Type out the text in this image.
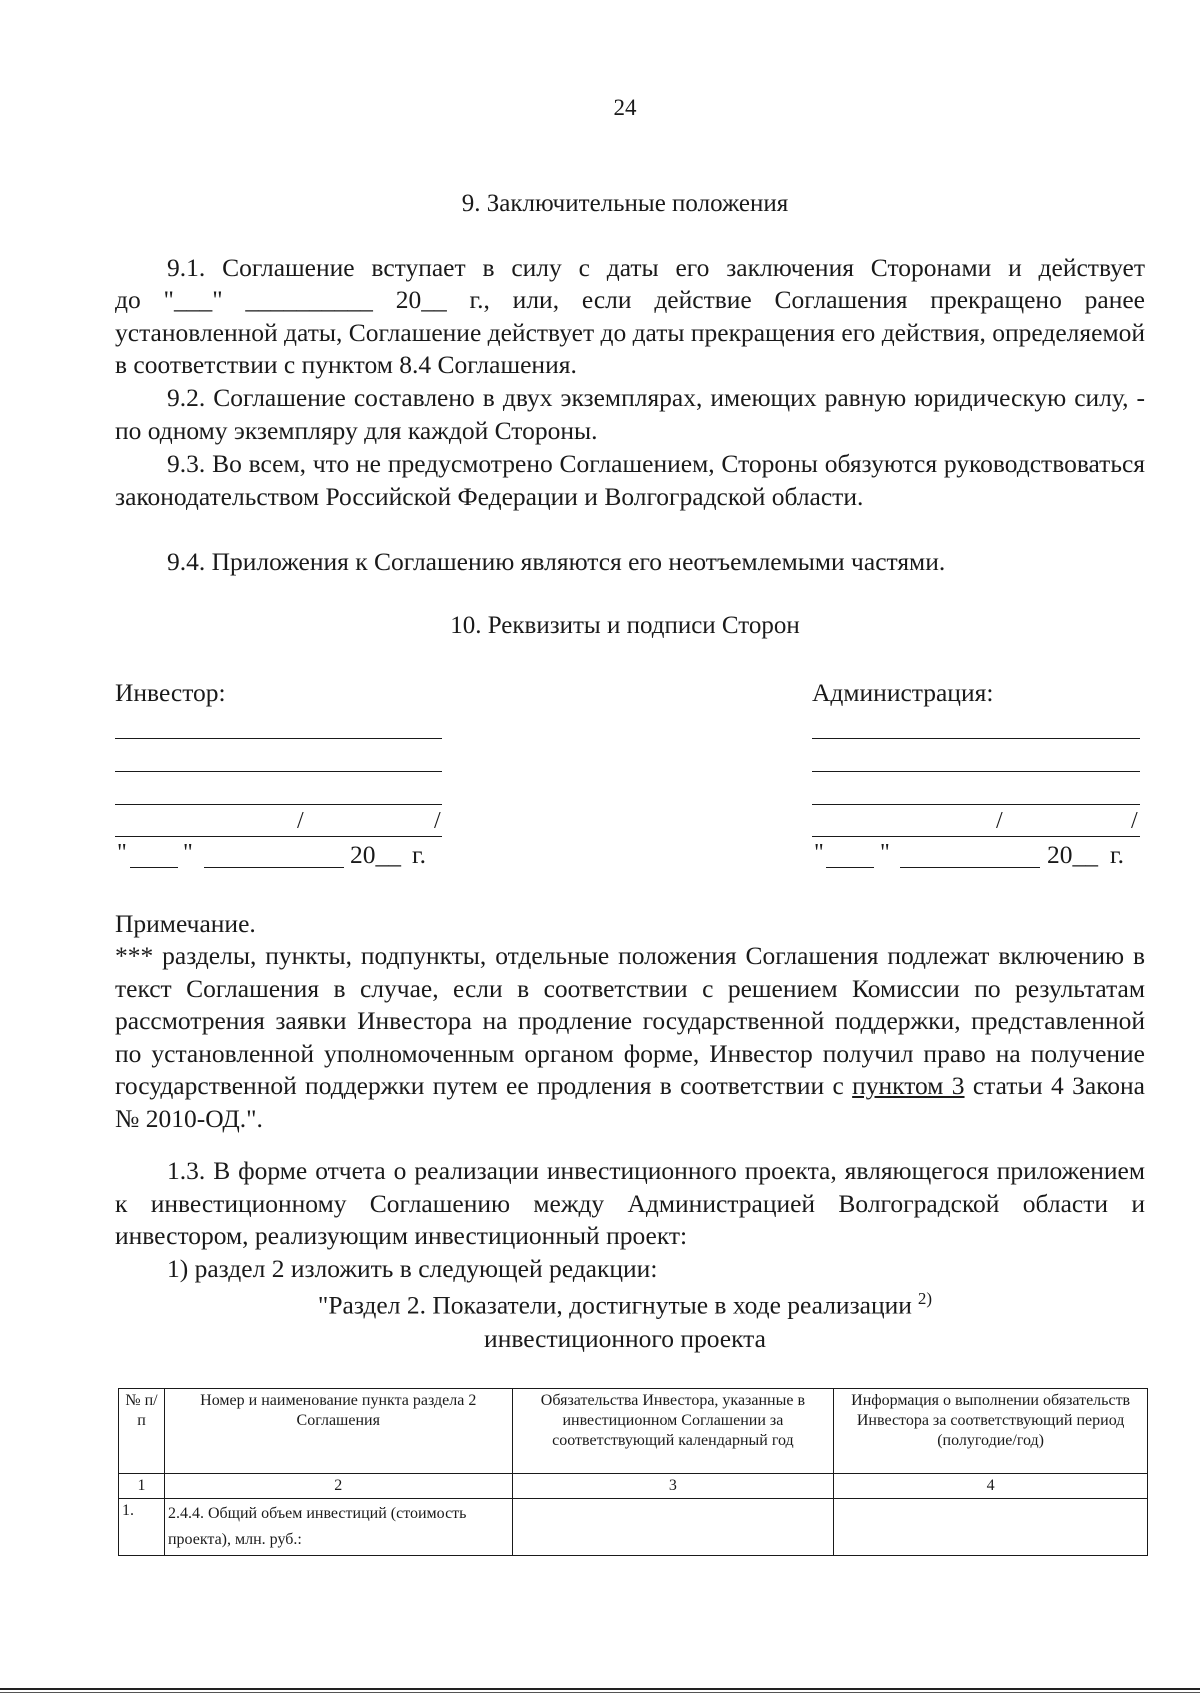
24
9. Заключительные положения
9.1. Соглашение вступает в силу с даты его заключения Сторонами и действует
до "___" __________ 20__ г., или, если действие Соглашения прекращено ранее установленной даты, Соглашение действует до даты прекращения его действия, определяемой в соответствии с пунктом 8.4 Соглашения.
9.2. Соглашение составлено в двух экземплярах, имеющих равную юридическую силу, - по одному экземпляру для каждой Стороны.
9.3. Во всем, что не предусмотрено Соглашением, Стороны обязуются руководствоваться законодательством Российской Федерации и Волгоградской области.
9.4. Приложения к Соглашению являются его неотъемлемыми частями.
10. Реквизиты и подписи Сторон
Инвестор:
/	/
" "	20__ г.
Администрация:
/	/
" "	20__ г.
Примечание.
*** разделы, пункты, подпункты, отдельные положения Соглашения подлежат включению в текст Соглашения в случае, если в соответствии с решением Комиссии по результатам рассмотрения заявки Инвестора на продление государственной поддержки, представленной по установленной уполномоченным органом форме, Инвестор получил право на получение государственной поддержки путем ее продления в соответствии с пунктом 3 статьи 4 Закона № 2010-ОД.".
1.3. В форме отчета о реализации инвестиционного проекта, являющегося приложением к инвестиционному Соглашению между Администрацией Волгоградской области и инвестором, реализующим инвестиционный проект:
1) раздел 2 изложить в следующей редакции:
"Раздел 2. Показатели, достигнутые в ходе реализации $^{2)}$
инвестиционного проекта
№ п/п	Номер и наименование пункта раздела 2 Соглашения	Обязательства Инвестора, указанные в инвестиционном Соглашении за соответствующий календарный год	Информация о выполнении обязательств Инвестора за соответствующий период (полугодие/год)
1	2	3	4
1.	2.4.4. Общий объем инвестиций (стоимость проекта), млн. руб.:		
